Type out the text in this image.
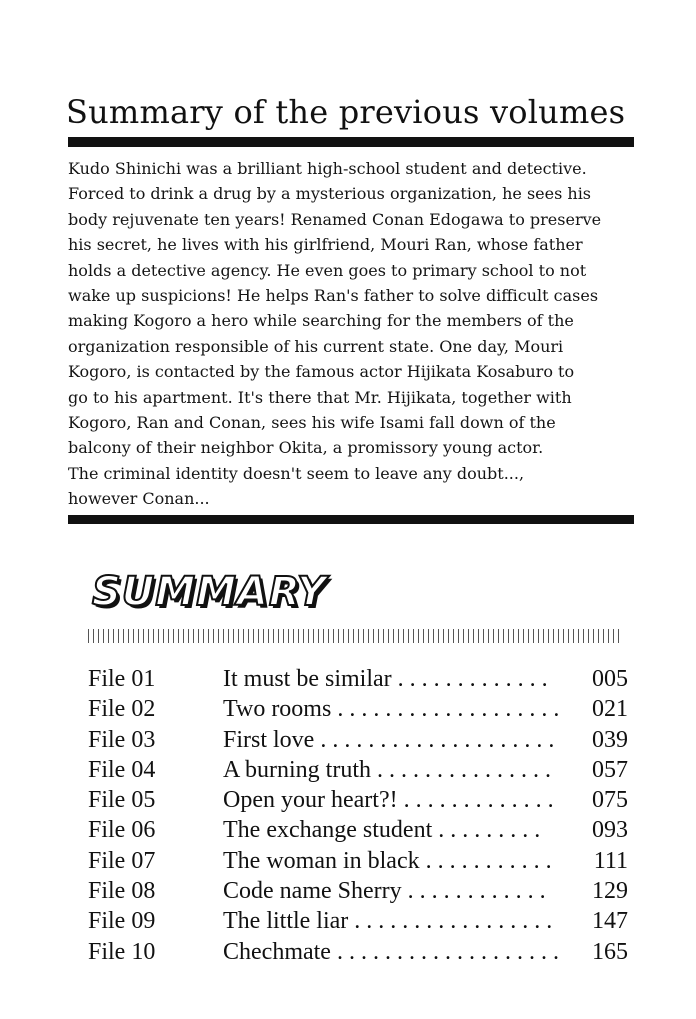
Summary of the previous volumes
Kudo Shinichi was a brilliant high-school student and detective.
Forced to drink a drug by a mysterious organization, he sees his
body rejuvenate ten years! Renamed Conan Edogawa to preserve
his secret, he lives with his girlfriend, Mouri Ran, whose father
holds a detective agency. He even goes to primary school to not
wake up suspicions! He helps Ran's father to solve difficult cases
making Kogoro a hero while searching for the members of the
organization responsible of his current state. One day, Mouri
Kogoro, is contacted by the famous actor Hijikata Kosaburo to
go to his apartment. It's there that Mr. Hijikata, together with
Kogoro, Ran and Conan, sees his wife Isami fall down of the
balcony of their neighbor Okita, a promissory young actor.
The criminal identity doesn't seem to leave any doubt...,
however Conan...
SUMMARY
File 01	It must be similar . . . . . . . . . . . . . 005
File 02	Two rooms . . . . . . . . . . . . . . . . . . . 021
File 03	First love . . . . . . . . . . . . . . . . . . . . 039
File 04	A burning truth . . . . . . . . . . . . . . . 057
File 05	Open your heart?! . . . . . . . . . . . . . 075
File 06	The exchange student . . . . . . . . . 093
File 07	The woman in black . . . . . . . . . . . 111
File 08	Code name Sherry . . . . . . . . . . . . 129
File 09	The little liar . . . . . . . . . . . . . . . . . 147
File 10	Chechmate . . . . . . . . . . . . . . . . . . . 165
